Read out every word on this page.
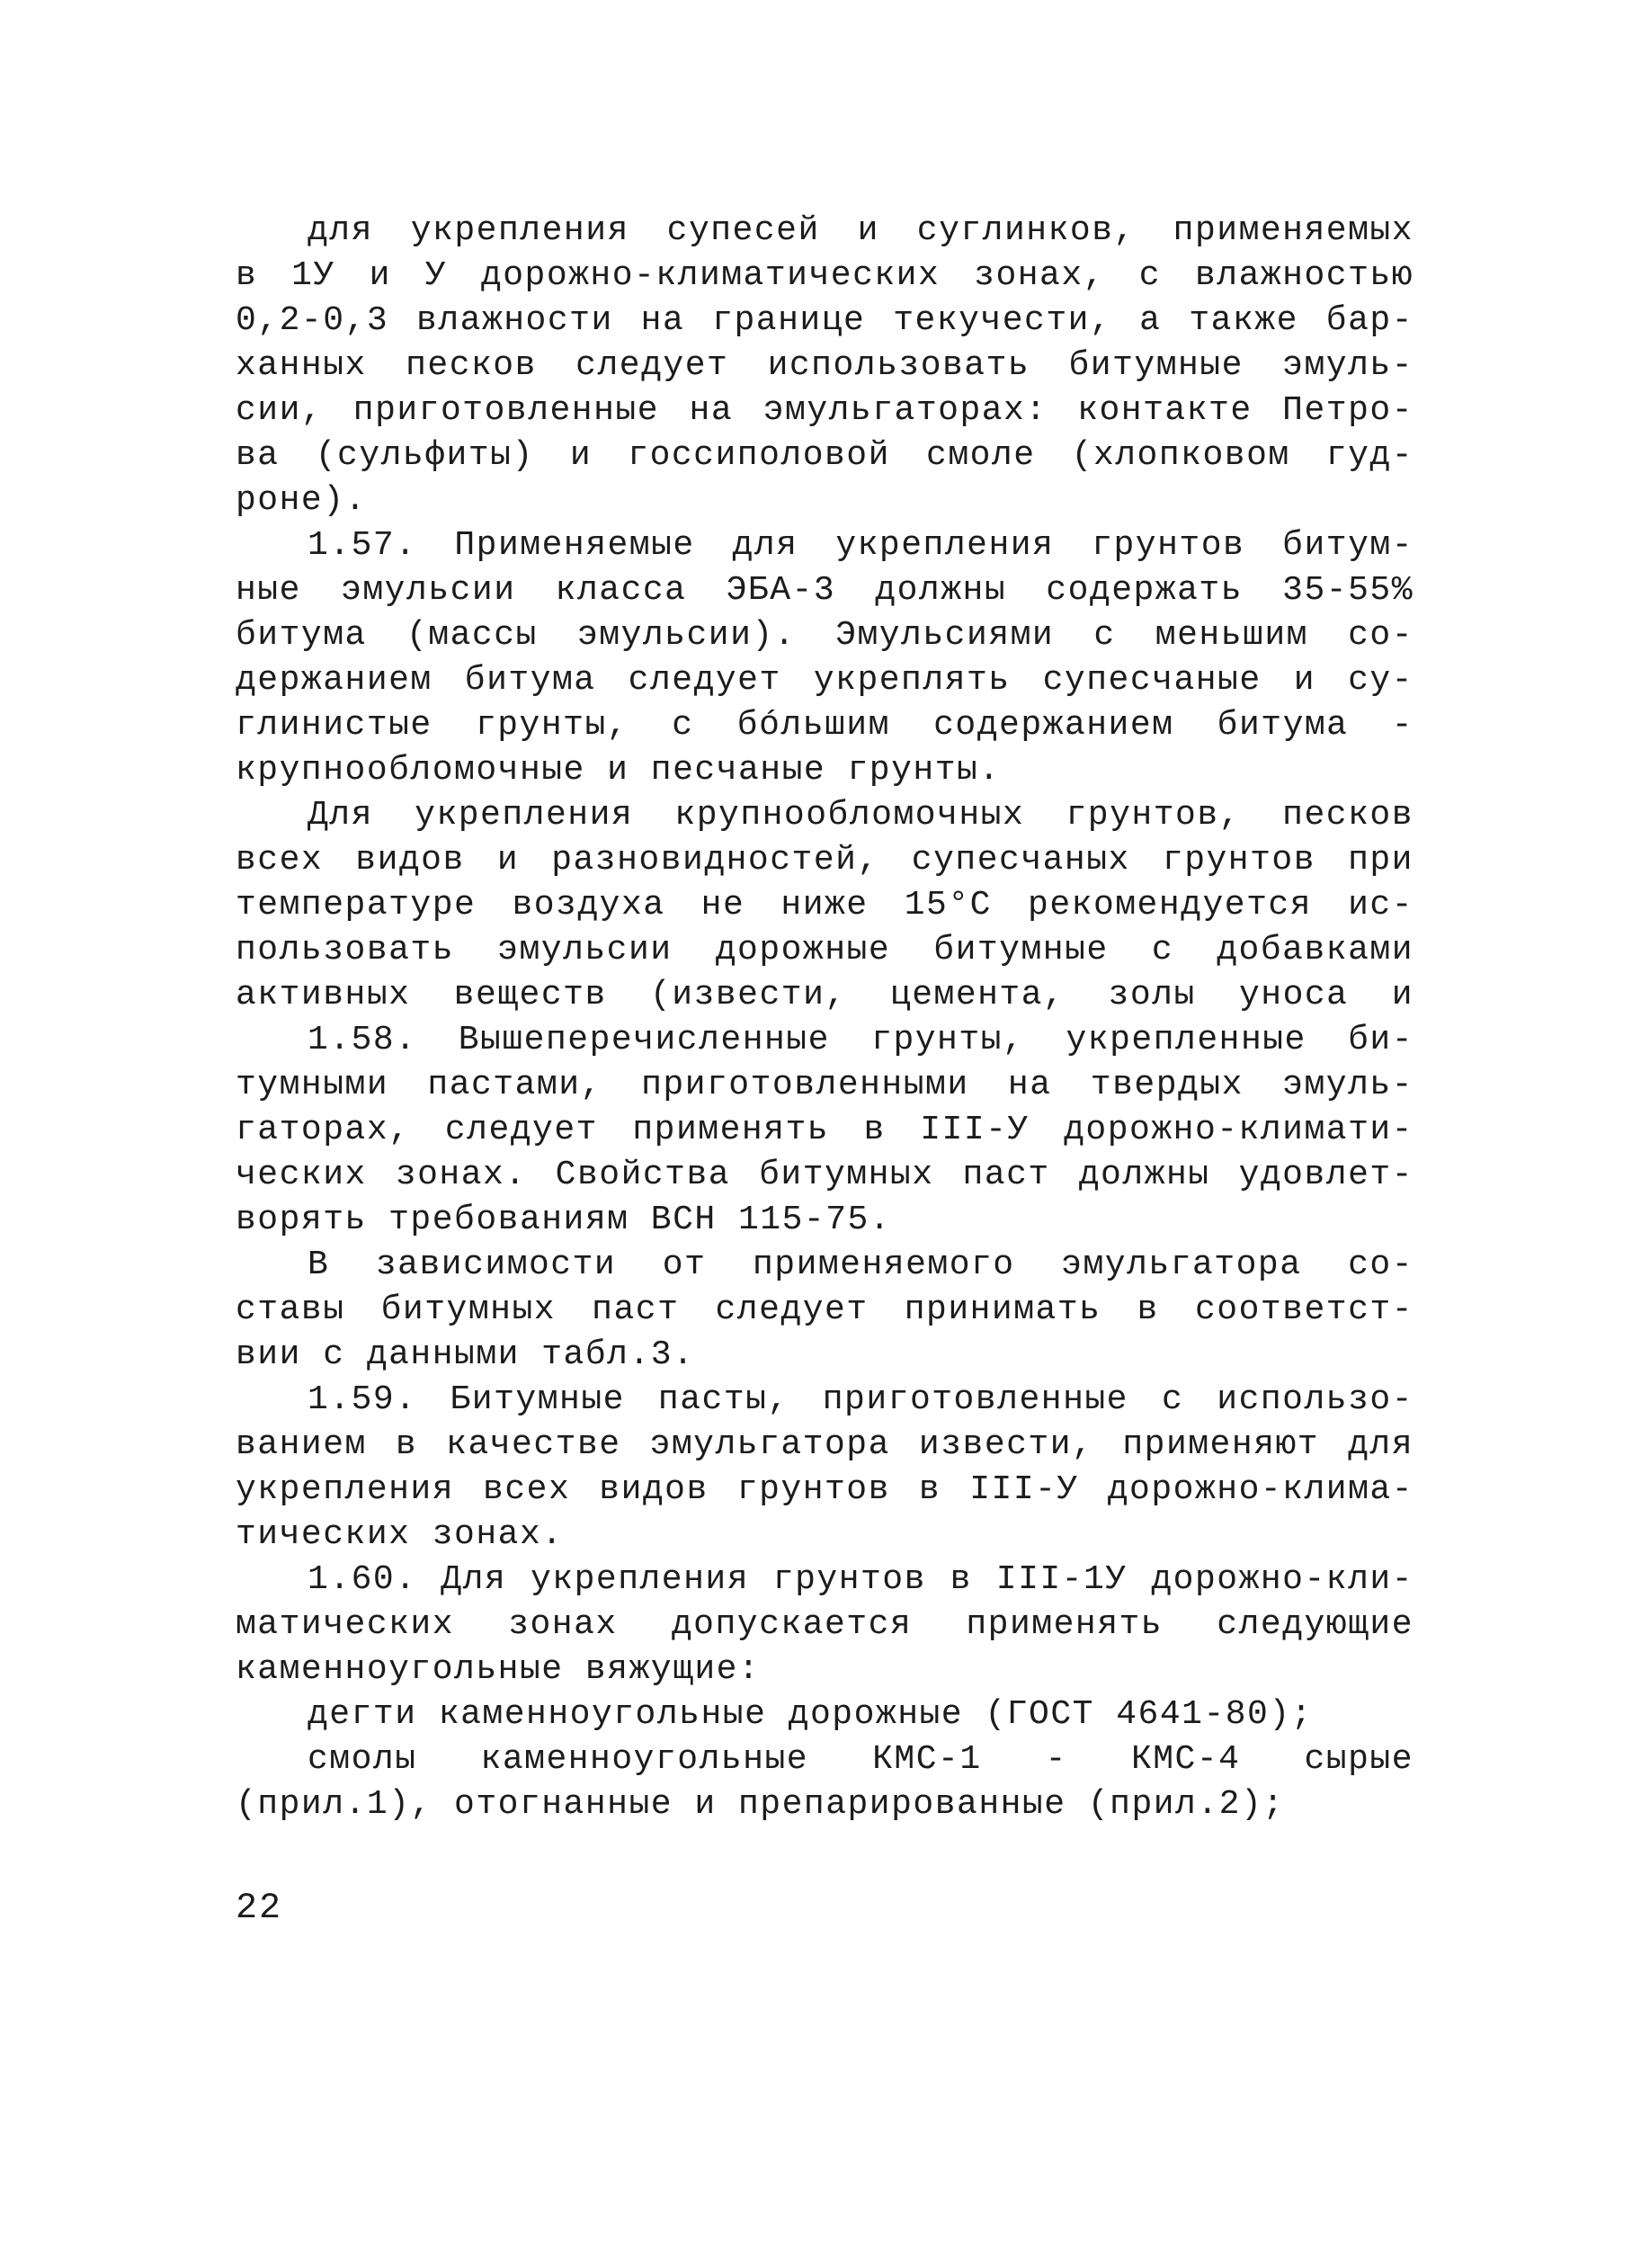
для укрепления супесей и суглинков, применяемых
в 1У и У дорожно-климатических зонах, с влажностью
0,2-0,3 влажности на границе текучести, а также бар-
ханных песков следует использовать битумные эмуль-
сии, приготовленные на эмульгаторах: контакте Петро-
ва (сульфиты) и госсиполовой смоле (хлопковом гуд-
роне).
1.57. Применяемые для укрепления грунтов битум-
ные эмульсии класса ЭБА-3 должны содержать 35-55%
битума (массы эмульсии). Эмульсиями с меньшим со-
держанием битума следует укреплять супесчаные и су-
глинистые грунты, с бóльшим содержанием битума -
крупнообломочные и песчаные грунты.
Для укрепления крупнообломочных грунтов, песков
всех видов и разновидностей, супесчаных грунтов при
температуре воздуха не ниже 15°С рекомендуется ис-
пользовать эмульсии дорожные битумные с добавками
активных веществ (извести, цемента, золы уноса и
1.58. Вышеперечисленные грунты, укрепленные би-
тумными пастами, приготовленными на твердых эмуль-
гаторах, следует применять в III-У дорожно-климати-
ческих зонах. Свойства битумных паст должны удовлет-
ворять требованиям ВСН 115-75.
В зависимости от применяемого эмульгатора со-
ставы битумных паст следует принимать в соответст-
вии с данными табл.3.
1.59. Битумные пасты, приготовленные с использо-
ванием в качестве эмульгатора извести, применяют для
укрепления всех видов грунтов в III-У дорожно-клима-
тических зонах.
1.60. Для укрепления грунтов в III-1У дорожно-кли-
матических зонах допускается применять следующие
каменноугольные вяжущие:
дегти каменноугольные дорожные (ГОСТ 4641-80);
смолы каменноугольные КМС-1 - КМС-4 сырые
(прил.1), отогнанные и препарированные (прил.2);
22
